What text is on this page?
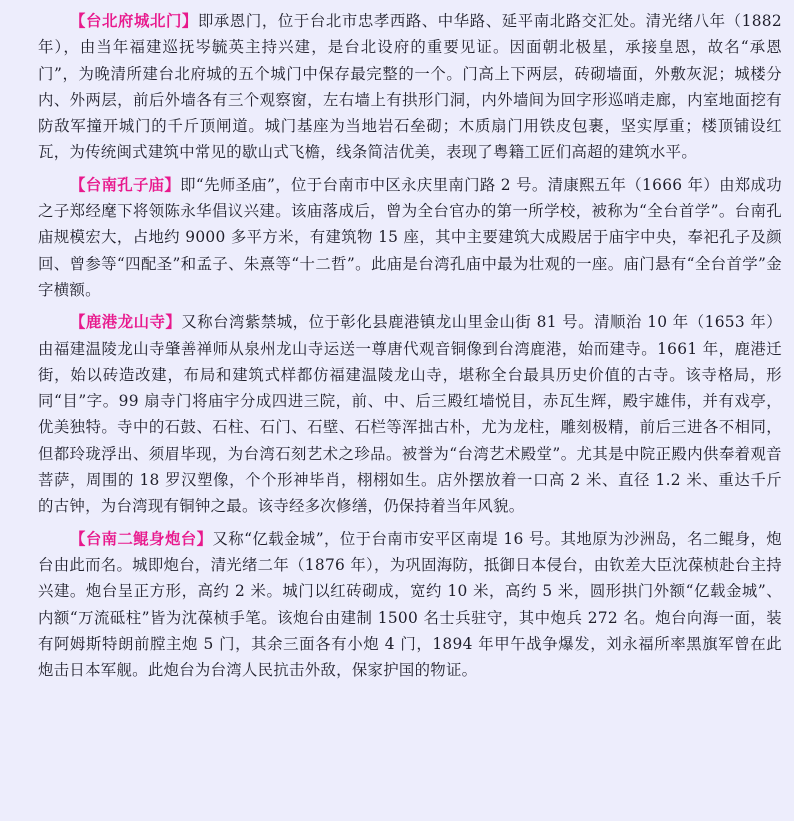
【台北府城北门】即承恩门，位于台北市忠孝西路、中华路、延平南北路交汇处。清光绪八年（1882年），由当年福建巡抚岑毓英主持兴建，是台北设府的重要见证。因面朝北极星，承接皇恩，故名“承恩门”，为晚清所建台北府城的五个城门中保存最完整的一个。门高上下两层，砖砌墙面，外敷灰泥；城楼分内、外两层，前后外墙各有三个观察窗，左右墙上有拱形门洞，内外墙间为回字形巡哨走廊，内室地面挖有防敌军撞开城门的千斤顶闸道。城门基座为当地岩石垒砌；木质扇门用铁皮包裹，坚实厚重；楼顶铺设红瓦，为传统闽式建筑中常见的歇山式飞檐，线条简洁优美，表现了粤籍工匠们高超的建筑水平。

【台南孔子庙】即“先师圣庙”，位于台南市中区永庆里南门路 2 号。清康熙五年（1666 年）由郑成功之子郑经麾下将领陈永华倡议兴建。该庙落成后，曾为全台官办的第一所学校，被称为“全台首学”。台南孔庙规模宏大，占地约 9000 多平方米，有建筑物 15 座，其中主要建筑大成殿居于庙宇中央，奉祀孔子及颜回、曾参等“四配圣”和孟子、朱熹等“十二哲”。此庙是台湾孔庙中最为壮观的一座。庙门悬有“全台首学”金字横额。

【鹿港龙山寺】又称台湾紫禁城，位于彰化县鹿港镇龙山里金山街 81 号。清顺治 10 年（1653 年）由福建温陵龙山寺肇善禅师从泉州龙山寺运送一尊唐代观音铜像到台湾鹿港，始而建寺。1661 年，鹿港迁街，始以砖造改建，布局和建筑式样都仿福建温陵龙山寺，堪称全台最具历史价值的古寺。该寺格局，形同“目”字。99 扇寺门将庙宇分成四进三院，前、中、后三殿红墙悦目，赤瓦生辉，殿宇雄伟，并有戏亭，优美独特。寺中的石鼓、石柱、石门、石壁、石栏等浑拙古朴，尤为龙柱，雕刻极精，前后三进各不相同，但都玲珑浮出、须眉毕现，为台湾石刻艺术之珍品。被誉为“台湾艺术殿堂”。尤其是中院正殿内供奉着观音菩萨，周围的 18 罗汉塑像，个个形神毕肖，栩栩如生。店外摆放着一口高 2 米、直径 1.2 米、重达千斤的古钟，为台湾现有铜钟之最。该寺经多次修缮，仍保持着当年风貌。

【台南二鲲身炮台】又称“亿载金城”，位于台南市安平区南堤 16 号。其地原为沙洲岛，名二鲲身，炮台由此而名。城即炮台，清光绪二年（1876 年），为巩固海防，抵御日本侵台，由钦差大臣沈葆桢赴台主持兴建。炮台呈正方形，高约 2 米。城门以红砖砌成，宽约 10 米，高约 5 米，圆形拱门外额“亿载金城”、内额“万流砥柱”皆为沈葆桢手笔。该炮台由建制 1500 名士兵驻守，其中炮兵 272 名。炮台向海一面，装有阿姆斯特朗前膛主炮 5 门，其余三面各有小炮 4 门，1894 年甲午战争爆发，刘永福所率黑旗军曾在此炮击日本军舰。此炮台为台湾人民抗击外敌，保家护国的物证。
